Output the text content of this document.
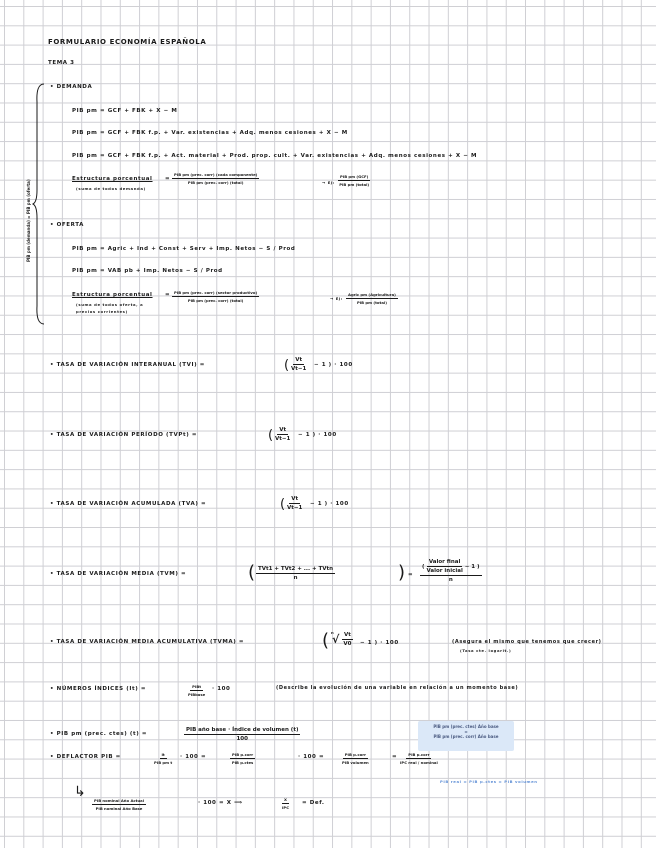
FORMULARIO ECONOMÍA ESPAÑOLA
TEMA 3
PIB pm (demanda) = PIB pm (oferta)
• DEMANDA
PIB pm = GCF + FBK + X − M
PIB pm = GCF + FBK f.p. + Var. existencias + Adq. menos cesiones + X − M
PIB pm = GCF + FBK f.p. + Act. material + Prod. prop. cult. + Var. existencias + Adq. menos cesiones + X − M
Estructura porcentual
(suma de todos demanda)
=
PIB pm (prec. corr) (cada componente)
PIB pm (prec. corr) (total)	→ Ej:
PIB pm (GCF)
PIB pm (total)
• OFERTA
PIB pm = Agric + Ind + Const + Serv + Imp. Netos − S / Prod
PIB pm = VAB pb + Imp. Netos − S / Prod
Estructura porcentual
(suma de todos oferta, a
precios corrientes)
= PIB pm (prec. corr) (sector productivo)
PIB pm (prec. corr) (total)	→ Ej:
Agric pm (Agricultura)
PIB pm (total)
• TASA DE VARIACIÓN INTERANUAL (TVI) =	( $\frac{Vt}{Vt-1} - 1$ ) · 100
• TASA DE VARIACIÓN PERÍODO (TVPt) =	( $\frac{Vt}{Vt-1} - 1$ ) · 100
• TASA DE VARIACIÓN ACUMULADA (TVA) =	( $\frac{Vt}{Vt-1} - 1$ ) · 100
• TASA DE VARIACIÓN MEDIA (TVM) =	( TVt1 + TVt2 + ... + TVtn
n	) =
( $\frac{\text{Valor final}}{\text{Valor inicial}} - 1$ )
n
• TASA DE VARIACIÓN MEDIA ACUMULATIVA (TVMA) =	( n
√ $\frac{Vt}{V0} - 1$ ) · 100	(Asegura el mismo que tenemos que crecer)
(Tasa cte. logarit.)
• NÚMEROS ÍNDICES (It) =	PIBt
PIBbase
· 100	(Describe la evolución de una variable en relación a un momento base)
• PIB pm (prec. ctes) (t) =
PIB año base · Índice de volumen (t)
100
PIB pm (prec. ctes) Año base
=
PIB pm (prec. corr) Año base
• DEFLACTOR PIB =	It
PIB pm t
· 100 =	PIB p.corr
PIB p.ctes
· 100 =	PIB p.corr
PIB volumen
=	PIB p.corr
IPC real / nominal
PIB real = PIB p.ctes = PIB volumen
↳
PIB nominal Año Actual
PIB nominal Año Base
· 100 = X ⟹
X
IPC
= Def.
